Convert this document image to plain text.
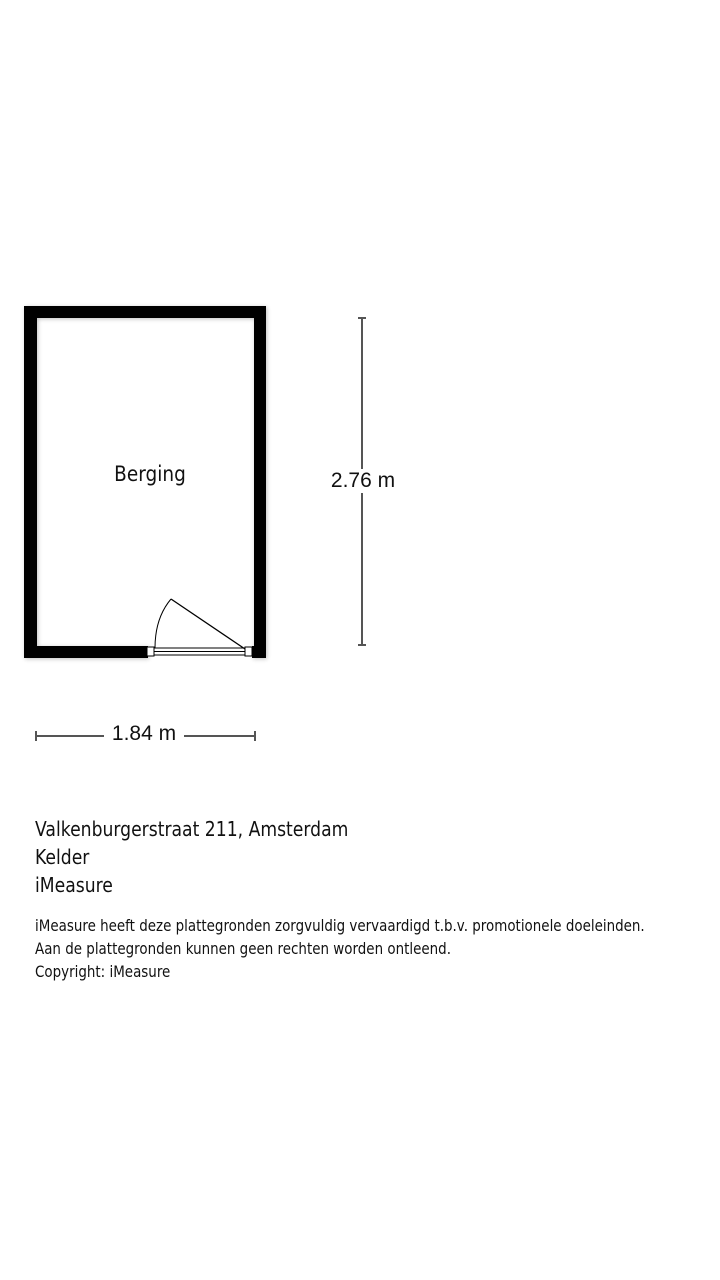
Berging	2.76 m
1.84 m
Valkenburgerstraat 211, Amsterdam
Kelder
iMeasure
iMeasure heeft deze plattegronden zorgvuldig vervaardigd t.b.v. promotionele doeleinden.
Aan de plattegronden kunnen geen rechten worden ontleend.
Copyright: iMeasure
